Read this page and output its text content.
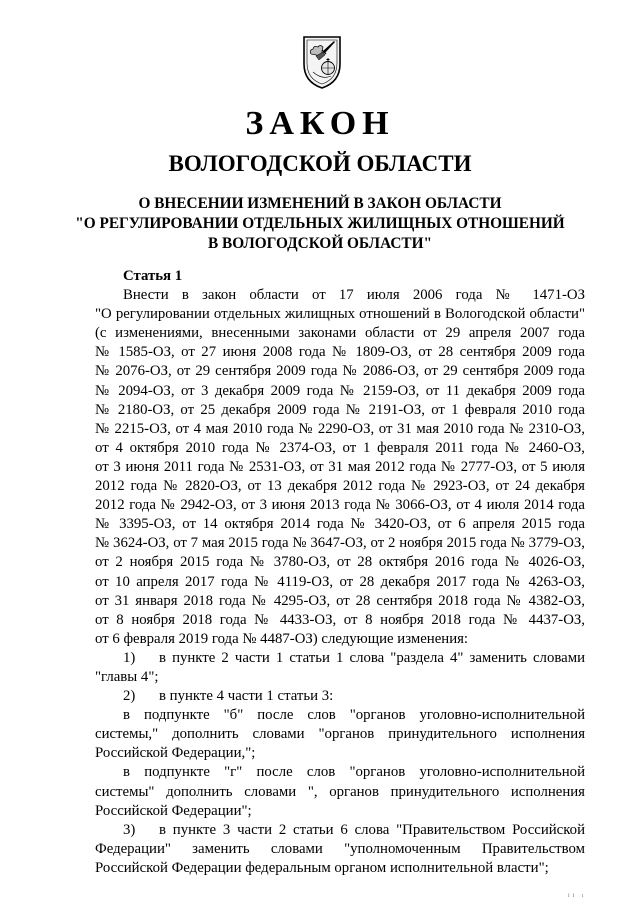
ЗАКОН
ВОЛОГОДСКОЙ ОБЛАСТИ
О ВНЕСЕНИИ ИЗМЕНЕНИЙ В ЗАКОН ОБЛАСТИ
"О РЕГУЛИРОВАНИИ ОТДЕЛЬНЫХ ЖИЛИЩНЫХ ОТНОШЕНИЙ
В ВОЛОГОДСКОЙ ОБЛАСТИ"
Статья 1
Внести в закон области от 17 июля 2006 года № 1471-ОЗ
"О регулировании отдельных жилищных отношений в Вологодской области"
(с изменениями, внесенными законами области от 29 апреля 2007 года
№ 1585-ОЗ, от 27 июня 2008 года № 1809-ОЗ, от 28 сентября 2009 года
№ 2076-ОЗ, от 29 сентября 2009 года № 2086-ОЗ, от 29 сентября 2009 года
№ 2094-ОЗ, от 3 декабря 2009 года № 2159-ОЗ, от 11 декабря 2009 года
№ 2180-ОЗ, от 25 декабря 2009 года № 2191-ОЗ, от 1 февраля 2010 года
№ 2215-ОЗ, от 4 мая 2010 года № 2290-ОЗ, от 31 мая 2010 года № 2310-ОЗ,
от 4 октября 2010 года № 2374-ОЗ, от 1 февраля 2011 года № 2460-ОЗ,
от 3 июня 2011 года № 2531-ОЗ, от 31 мая 2012 года № 2777-ОЗ, от 5 июля
2012 года № 2820-ОЗ, от 13 декабря 2012 года № 2923-ОЗ, от 24 декабря
2012 года № 2942-ОЗ, от 3 июня 2013 года № 3066-ОЗ, от 4 июля 2014 года
№ 3395-ОЗ, от 14 октября 2014 года № 3420-ОЗ, от 6 апреля 2015 года
№ 3624-ОЗ, от 7 мая 2015 года № 3647-ОЗ, от 2 ноября 2015 года № 3779-ОЗ,
от 2 ноября 2015 года № 3780-ОЗ, от 28 октября 2016 года № 4026-ОЗ,
от 10 апреля 2017 года № 4119-ОЗ, от 28 декабря 2017 года № 4263-ОЗ,
от 31 января 2018 года № 4295-ОЗ, от 28 сентября 2018 года № 4382-ОЗ,
от 8 ноября 2018 года № 4433-ОЗ, от 8 ноября 2018 года № 4437-ОЗ,
от 6 февраля 2019 года № 4487-ОЗ) следующие изменения:
1) в пункте 2 части 1 статьи 1 слова "раздела 4" заменить словами
"главы 4";
2) в пункте 4 части 1 статьи 3:
в подпункте "б" после слов "органов уголовно-исполнительной
системы," дополнить словами "органов принудительного исполнения
Российской Федерации,";
в подпункте "г" после слов "органов уголовно-исполнительной
системы" дополнить словами ", органов принудительного исполнения
Российской Федерации";
3) в пункте 3 части 2 статьи 6 слова "Правительством Российской
Федерации" заменить словами "уполномоченным Правительством
Российской Федерации федеральным органом исполнительной власти";
ii ı
